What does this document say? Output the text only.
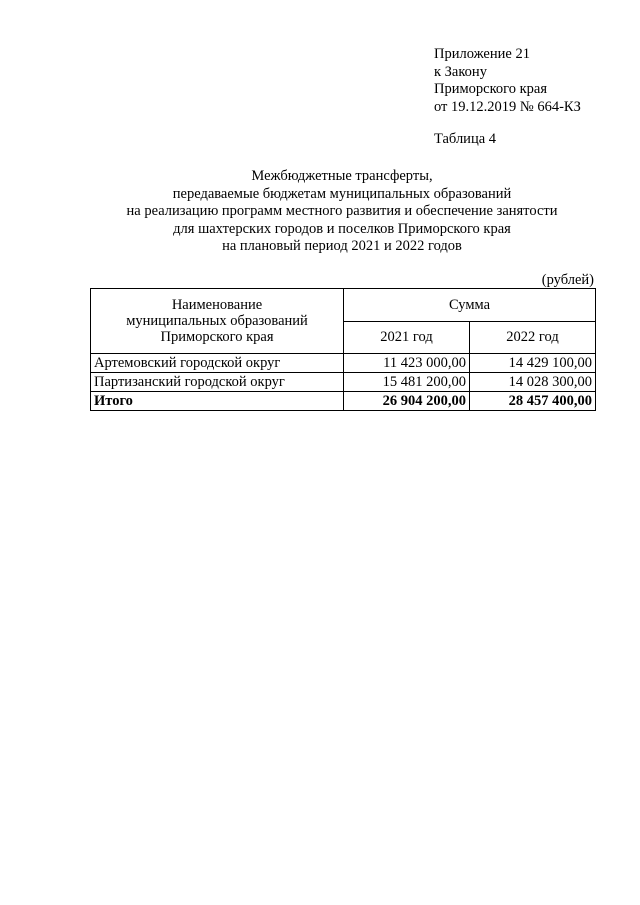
Приложение 21
к Закону
Приморского края
от 19.12.2019 № 664-КЗ
Таблица 4
Межбюджетные трансферты,
передаваемые бюджетам муниципальных образований
на реализацию программ местного развития и обеспечение занятости
для шахтерских городов и поселков Приморского края
на плановый период 2021 и 2022 годов
(рублей)
Наименование
муниципальных образований
Приморского края	Сумма	
	2021 год	2022 год
Артемовский городской округ	11 423 000,00	14 429 100,00
Партизанский городской округ	15 481 200,00	14 028 300,00
Итого	26 904 200,00	28 457 400,00
